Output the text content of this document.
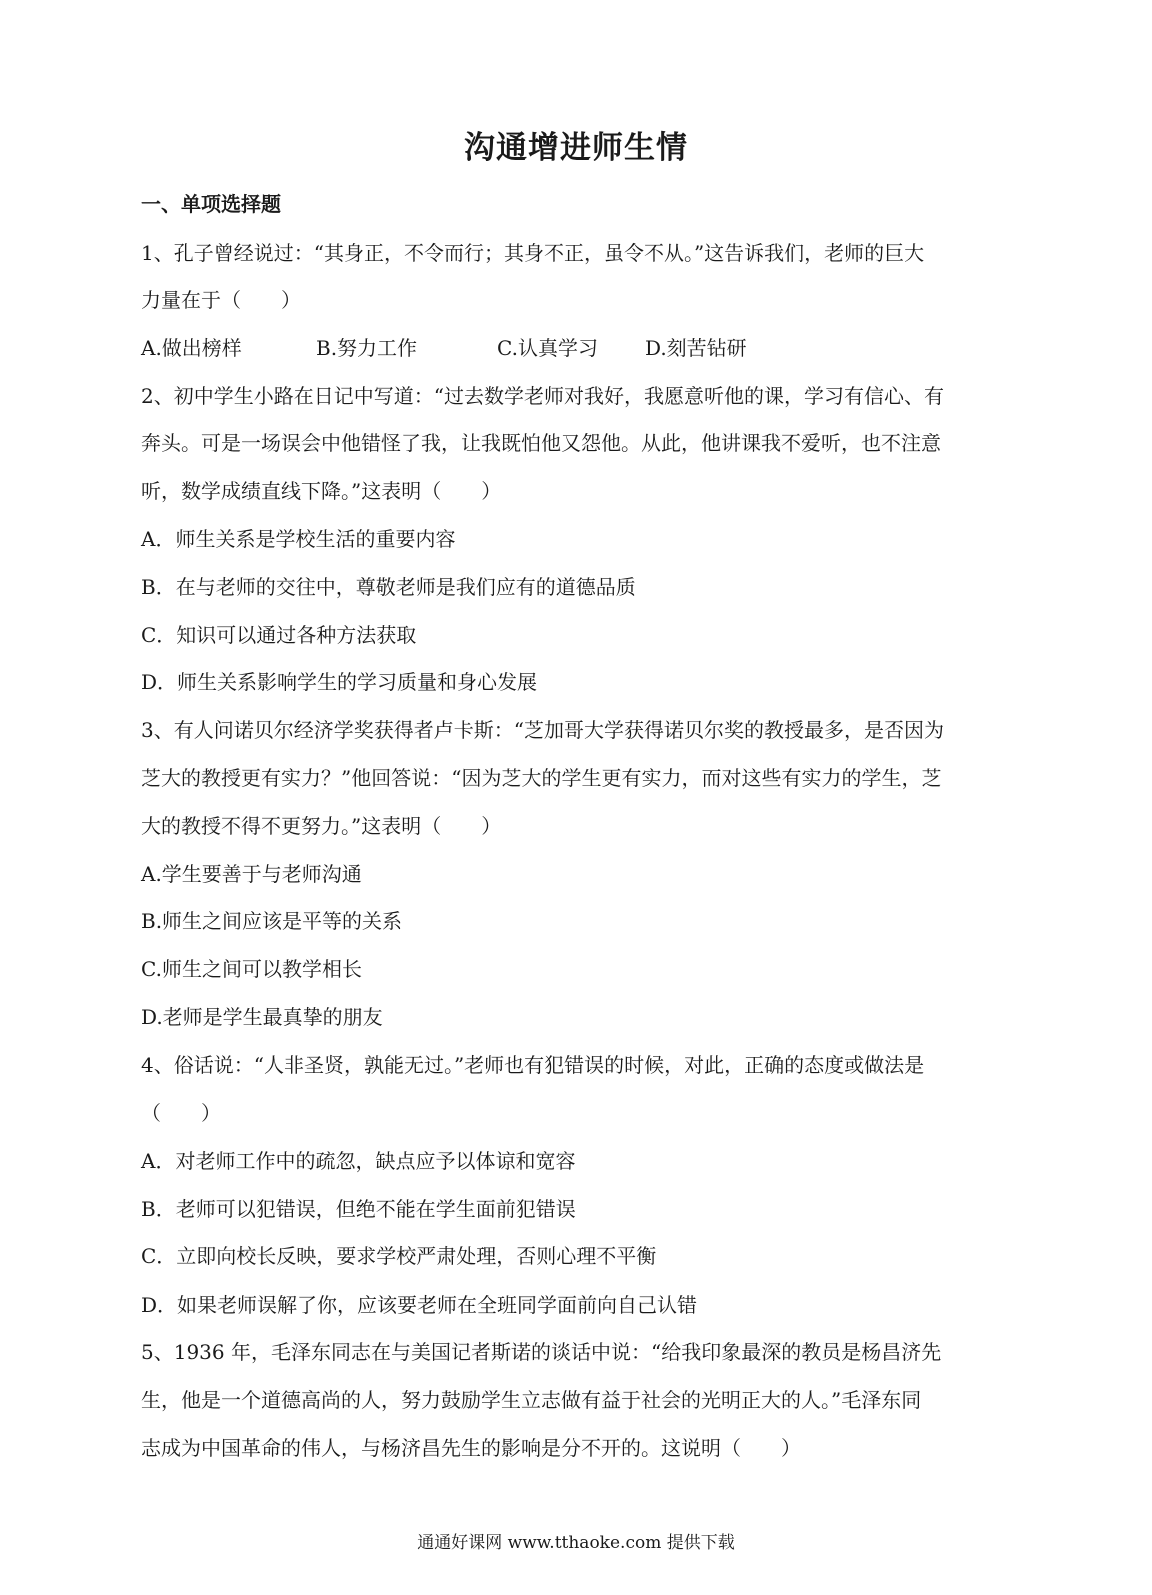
沟通增进师生情
一、单项选择题
1、孔子曾经说过：“其身正，不令而行；其身不正，虽令不从。”这告诉我们，老师的巨大
力量在于（　　）
A.做出榜样	B.努力工作	C.认真学习 D.刻苦钻研
2、初中学生小路在日记中写道：“过去数学老师对我好，我愿意听他的课，学习有信心、有
奔头。可是一场误会中他错怪了我，让我既怕他又怨他。从此，他讲课我不爱听，也不注意
听，数学成绩直线下降。”这表明（　　）
A．师生关系是学校生活的重要内容
B．在与老师的交往中，尊敬老师是我们应有的道德品质
C．知识可以通过各种方法获取
D．师生关系影响学生的学习质量和身心发展
3、有人问诺贝尔经济学奖获得者卢卡斯：“芝加哥大学获得诺贝尔奖的教授最多，是否因为
芝大的教授更有实力？”他回答说：“因为芝大的学生更有实力，而对这些有实力的学生，芝
大的教授不得不更努力。”这表明（　　）
A.学生要善于与老师沟通
B.师生之间应该是平等的关系
C.师生之间可以教学相长
D.老师是学生最真挚的朋友
4、俗话说：“人非圣贤，孰能无过。”老师也有犯错误的时候，对此，正确的态度或做法是
（　　）
A．对老师工作中的疏忽，缺点应予以体谅和宽容
B．老师可以犯错误，但绝不能在学生面前犯错误
C．立即向校长反映，要求学校严肃处理，否则心理不平衡
D．如果老师误解了你，应该要老师在全班同学面前向自己认错
5、1936 年，毛泽东同志在与美国记者斯诺的谈话中说：“给我印象最深的教员是杨昌济先
生，他是一个道德高尚的人，努力鼓励学生立志做有益于社会的光明正大的人。”毛泽东同
志成为中国革命的伟人，与杨济昌先生的影响是分不开的。这说明（　　）
通通好课网 www.tthaoke.com 提供下载
